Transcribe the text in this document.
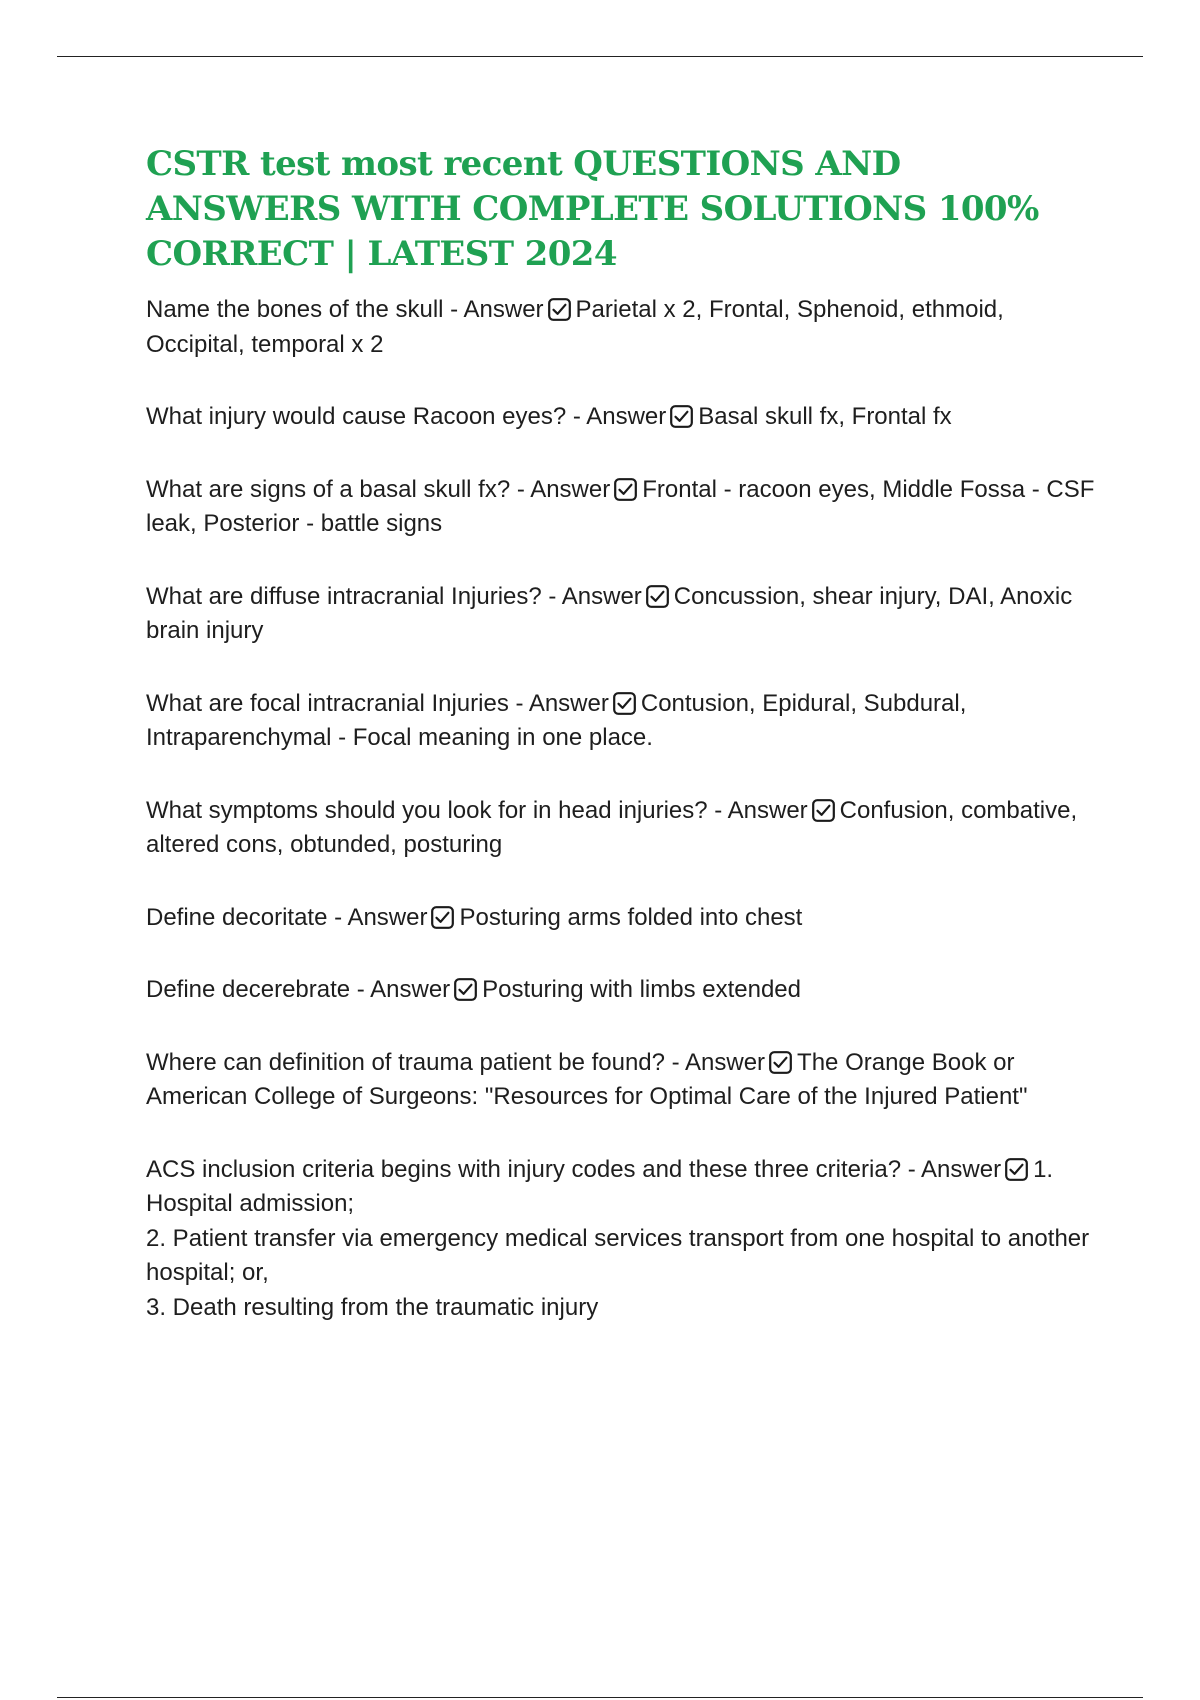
CSTR test most recent QUESTIONS AND ANSWERS WITH COMPLETE SOLUTIONS 100% CORRECT | LATEST 2024

Name the bones of the skull - Answer Parietal x 2, Frontal, Sphenoid, ethmoid, Occipital, temporal x 2

What injury would cause Racoon eyes? - Answer Basal skull fx, Frontal fx

What are signs of a basal skull fx? - Answer Frontal - racoon eyes, Middle Fossa - CSF leak, Posterior - battle signs

What are diffuse intracranial Injuries? - Answer Concussion, shear injury, DAI, Anoxic brain injury

What are focal intracranial Injuries - Answer Contusion, Epidural, Subdural, Intraparenchymal - Focal meaning in one place.

What symptoms should you look for in head injuries? - Answer Confusion, combative, altered cons, obtunded, posturing

Define decoritate - Answer Posturing arms folded into chest

Define decerebrate - Answer Posturing with limbs extended

Where can definition of trauma patient be found? - Answer The Orange Book or American College of Surgeons: "Resources for Optimal Care of the Injured Patient"

ACS inclusion criteria begins with injury codes and these three criteria? - Answer 1. Hospital admission;
2. Patient transfer via emergency medical services transport from one hospital to another hospital; or,
3. Death resulting from the traumatic injury
